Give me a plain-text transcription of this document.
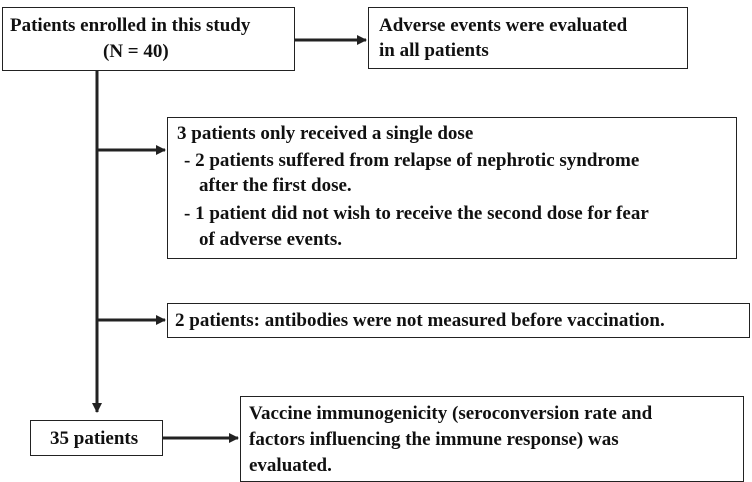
Patients enrolled in this study
(N = 40)
Adverse events were evaluated
in all patients
3 patients only received a single dose
- 2 patients suffered from relapse of nephrotic syndrome
after the first dose.
- 1 patient did not wish to receive the second dose for fear
of adverse events.
2 patients: antibodies were not measured before vaccination.
35 patients
Vaccine immunogenicity (seroconversion rate and
factors influencing the immune response) was
evaluated.
